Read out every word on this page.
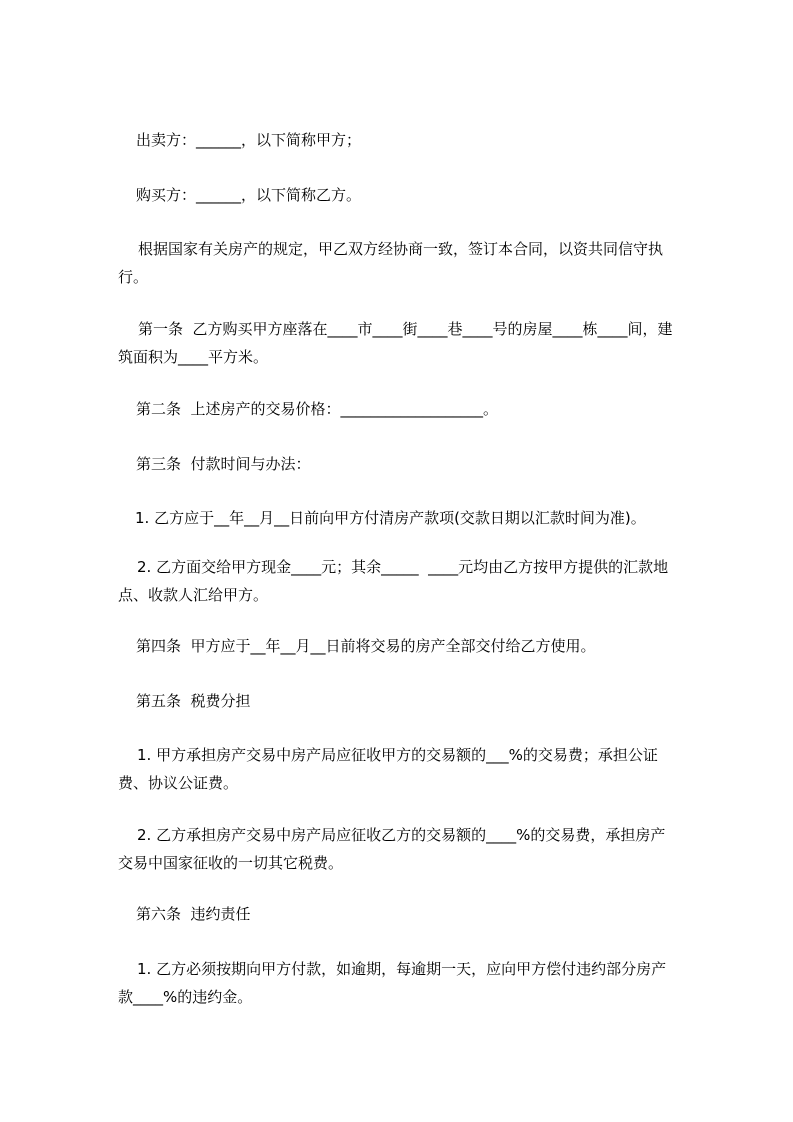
出卖方：______，以下简称甲方；

购买方：______，以下简称乙方。

根据国家有关房产的规定，甲乙双方经协商一致，签订本合同，以资共同信守执行。

第一条  乙方购买甲方座落在____市____街____巷____号的房屋____栋____间，建筑面积为____平方米。

第二条  上述房产的交易价格：___________________。

第三条  付款时间与办法：

1. 乙方应于__年__月__日前向甲方付清房产款项(交款日期以汇款时间为准)。

2. 乙方面交给甲方现金____元；其余_____  ____元均由乙方按甲方提供的汇款地点、收款人汇给甲方。

第四条  甲方应于__年__月__日前将交易的房产全部交付给乙方使用。

第五条  税费分担

1. 甲方承担房产交易中房产局应征收甲方的交易额的___%的交易费；承担公证费、协议公证费。

2. 乙方承担房产交易中房产局应征收乙方的交易额的____%的交易费，承担房产交易中国家征收的一切其它税费。

第六条  违约责任

1. 乙方必须按期向甲方付款，如逾期，每逾期一天，应向甲方偿付违约部分房产款____%的违约金。
